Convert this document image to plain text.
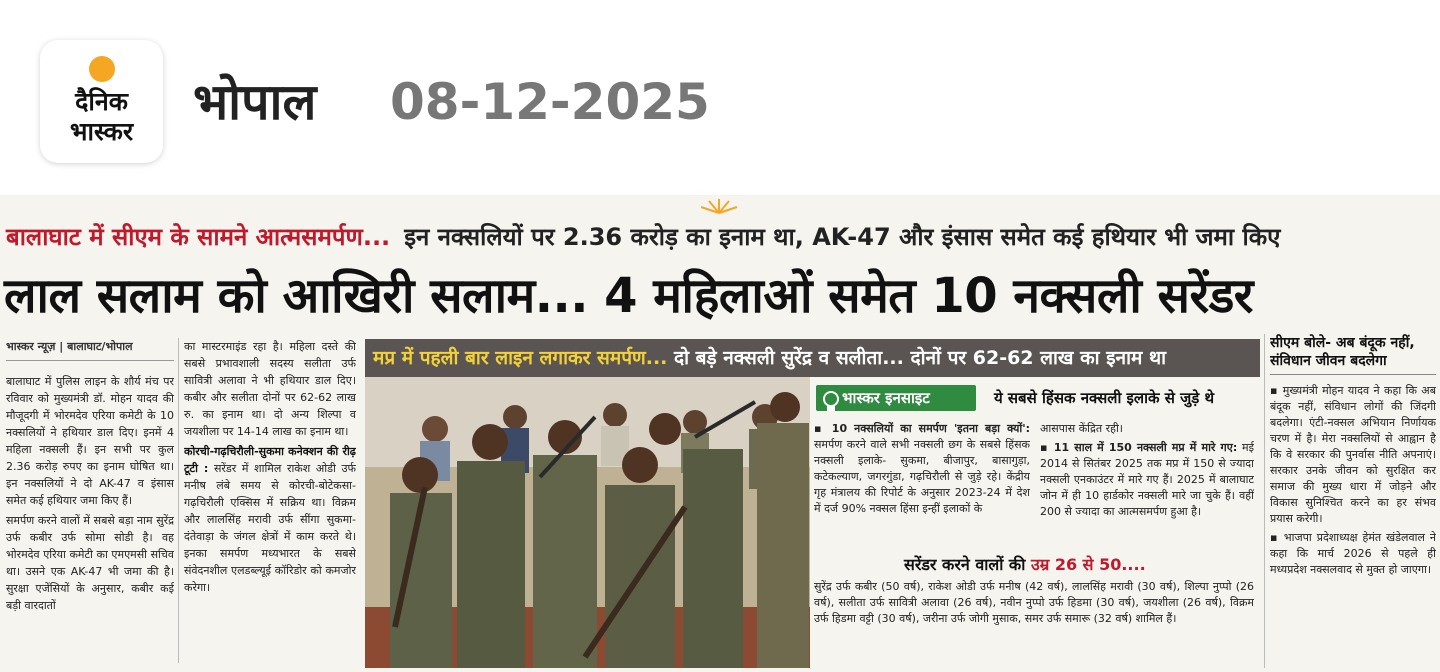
दैनिक
भास्कर
भोपाल 08-12-2025
बालाघाट में सीएम के सामने आत्मसमर्पण... इन नक्सलियों पर 2.36 करोड़ का इनाम था, AK-47 और इंसास समेत कई हथियार भी जमा किए
लाल सलाम को आखिरी सलाम... 4 महिलाओं समेत 10 नक्सली सरेंडर
भास्कर न्यूज़ | बालाघाट/भोपाल

बालाघाट में पुलिस लाइन के शौर्य मंच पर रविवार को मुख्यमंत्री डॉ. मोहन यादव की मौजूदगी में भोरमदेव एरिया कमेटी के 10 नक्सलियों ने हथियार डाल दिए। इनमें 4 महिला नक्सली हैं। इन सभी पर कुल 2.36 करोड़ रुपए का इनाम घोषित था। इन नक्सलियों ने दो AK-47 व इंसास समेत कई हथियार जमा किए हैं।

समर्पण करने वालों में सबसे बड़ा नाम सुरेंद्र उर्फ कबीर उर्फ सोमा सोडी है। वह भोरमदेव एरिया कमेटी का एमएमसी सचिव था। उसने एक AK-47 भी जमा की है। सुरक्षा एजेंसियों के अनुसार, कबीर कई बड़ी वारदातों

का मास्टरमाइंड रहा है। महिला दस्ते की सबसे प्रभावशाली सदस्य सलीता उर्फ सावित्री अलावा ने भी हथियार डाल दिए। कबीर और सलीता दोनों पर 62-62 लाख रु. का इनाम था। दो अन्य शिल्पा व जयशीला पर 14-14 लाख का इनाम था।

कोरची-गढ़चिरौली-सुकमा कनेक्शन की रीढ़ टूटी : सरेंडर में शामिल राकेश ओडी उर्फ मनीष लंबे समय से कोरची-बोटेकसा-गढ़चिरौली एक्सिस में सक्रिय था। विक्रम और लालसिंह मरावी उर्फ सींगा सुकमा-दंतेवाड़ा के जंगल क्षेत्रों में काम करते थे। इनका समर्पण मध्यभारत के सबसे संवेदनशील एलडब्ल्यूई कॉरिडोर को कमजोर करेगा।

मप्र में पहली बार लाइन लगाकर समर्पण... दो बड़े नक्सली सुरेंद्र व सलीता... दोनों पर 62-62 लाख का इनाम था
भास्कर इनसाइट	ये सबसे हिंसक नक्सली इलाके से जुड़े थे

▪ 10 नक्सलियों का समर्पण 'इतना बड़ा क्यों': समर्पण करने वाले सभी नक्सली छग के सबसे हिंसक नक्सली इलाके- सुकमा, बीजापुर, बासागुड़ा, कटेकल्याण, जगरगुंडा, गढ़चिरौली से जुड़े रहे। केंद्रीय गृह मंत्रालय की रिपोर्ट के अनुसार 2023-24 में देश में दर्ज 90% नक्सल हिंसा इन्हीं इलाकों के

आसपास केंद्रित रही।

▪ 11 साल में 150 नक्सली मप्र में मारे गए: मई 2014 से सितंबर 2025 तक मप्र में 150 से ज्यादा नक्सली एनकाउंटर में मारे गए हैं। 2025 में बालाघाट जोन में ही 10 हार्डकोर नक्सली मारे जा चुके हैं। वहीं 200 से ज्यादा का आत्मसमर्पण हुआ है।

सरेंडर करने वालों की उम्र 26 से 50....
सुरेंद्र उर्फ कबीर (50 वर्ष), राकेश ओडी उर्फ मनीष (42 वर्ष), लालसिंह मरावी (30 वर्ष), शिल्पा नुप्पो (26 वर्ष), सलीता उर्फ सावित्री अलावा (26 वर्ष), नवीन नुप्पो उर्फ हिडमा (30 वर्ष), जयशीला (26 वर्ष), विक्रम उर्फ हिडमा वट्टी (30 वर्ष), जरीना उर्फ जोगी मुसाक, समर उर्फ समारू (32 वर्ष) शामिल हैं।
सीएम बोले- अब बंदूक नहीं, संविधान जीवन बदलेगा

▪ मुख्यमंत्री मोहन यादव ने कहा कि अब बंदूक नहीं, संविधान लोगों की जिंदगी बदलेगा। एंटी-नक्सल अभियान निर्णायक चरण में है। मेरा नक्सलियों से आह्वान है कि वे सरकार की पुनर्वास नीति अपनाएं। सरकार उनके जीवन को सुरक्षित कर समाज की मुख्य धारा में जोड़ने और विकास सुनिश्चित करने का हर संभव प्रयास करेगी।

▪ भाजपा प्रदेशाध्यक्ष हेमंत खंडेलवाल ने कहा कि मार्च 2026 से पहले ही मध्यप्रदेश नक्सलवाद से मुक्त हो जाएगा।
